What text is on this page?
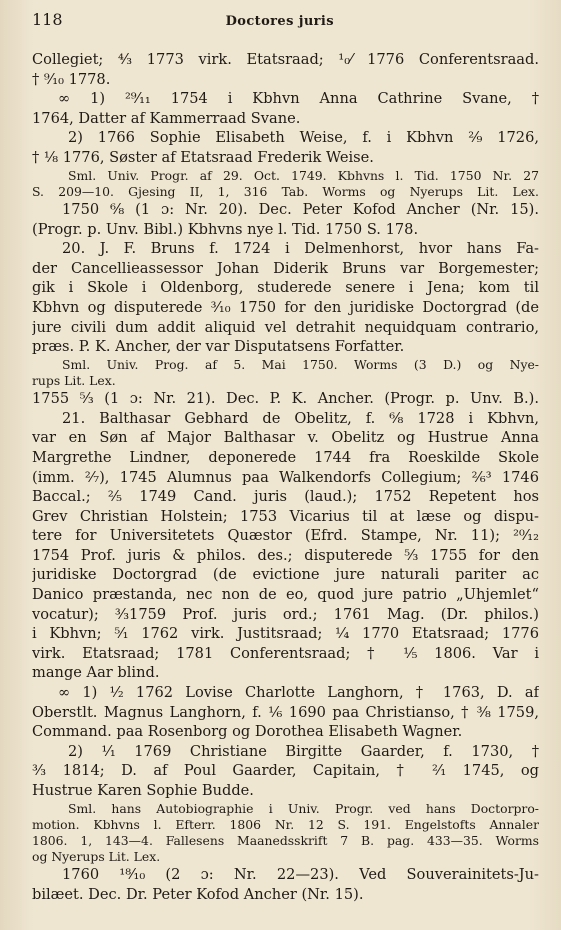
118	Doctores juris
Collegiet; ⁴⁄₃ 1773 virk. Etatsraad; ¹₀⁄ 1776 Conferentsraad.
† ⁹⁄₁₀ 1778.
∞ 1) ²⁹⁄₁₁ 1754 i Kbhvn Anna Cathrine Svane, †
1764, Datter af Kammerraad Svane.
2) 1766 Sophie Elisabeth Weise, f. i Kbhvn ²⁄₉ 1726,
† ¹⁄₈ 1776, Søster af Etatsraad Frederik Weise.
Sml. Univ. Progr. af 29. Oct. 1749. Kbhvns l. Tid. 1750 Nr. 27
S. 209—10. Gjesing II, 1, 316 Tab. Worms og Nyerups Lit. Lex.
1750 ⁶⁄₈ (1 ɔ: Nr. 20). Dec. Peter Kofod Ancher (Nr. 15).
(Progr. p. Unv. Bibl.) Kbhvns nye l. Tid. 1750 S. 178.
20. J. F. Bruns f. 1724 i Delmenhorst, hvor hans Fa-
der Cancellieassessor Johan Diderik Bruns var Borgemester;
gik i Skole i Oldenborg, studerede senere i Jena; kom til
Kbhvn og disputerede ³⁄₁₀ 1750 for den juridiske Doctorgrad (de
jure civili dum addit aliquid vel detrahit nequidquam contrario,
præs. P. K. Ancher, der var Disputatsens Forfatter.
Sml. Univ. Prog. af 5. Mai 1750. Worms (3 D.) og Nye-
rups Lit. Lex.
1755 ⁵⁄₃ (1 ɔ: Nr. 21). Dec. P. K. Ancher. (Progr. p. Unv. B.).
21. Balthasar Gebhard de Obelitz, f. ⁶⁄₈ 1728 i Kbhvn,
var en Søn af Major Balthasar v. Obelitz og Hustrue Anna
Margrethe Lindner, deponerede 1744 fra Roeskilde Skole
(imm. ²⁄₇), 1745 Alumnus paa Walkendorfs Collegium; ²⁄₆³ 1746
Baccal.; ²⁄₅ 1749 Cand. juris (laud.); 1752 Repetent hos
Grev Christian Holstein; 1753 Vicarius til at læse og dispu-
tere for Universitetets Quæstor (Efrd. Stampe, Nr. 11); ²⁰⁄₁₂
1754 Prof. juris & philos. des.; disputerede ⁵⁄₃ 1755 for den
juridiske Doctorgrad (de evictione jure naturali pariter ac
Danico præstanda, nec non de eo, quod jure patrio „Uhjemlet“
vocatur); ³⁄₃1759 Prof. juris ord.; 1761 Mag. (Dr. philos.)
i Kbhvn; ⁵⁄₁ 1762 virk. Justitsraad; ¹⁄₄ 1770 Etatsraad; 1776
virk. Etatsraad; 1781 Conferentsraad; † ¹⁄₅ 1806. Var i
mange Aar blind.
∞ 1) ¹⁄₂ 1762 Lovise Charlotte Langhorn, † 1763, D. af
Oberstlt. Magnus Langhorn, f. ¹⁄₆ 1690 paa Christianso, † ³⁄₈ 1759,
Command. paa Rosenborg og Dorothea Elisabeth Wagner.
2) ¹⁄₁ 1769 Christiane Birgitte Gaarder, f. 1730, †
³⁄₃ 1814; D. af Poul Gaarder, Capitain, † ²⁄₁ 1745, og
Hustrue Karen Sophie Budde.
Sml. hans Autobiographie i Univ. Progr. ved hans Doctorpro-
motion. Kbhvns l. Efterr. 1806 Nr. 12 S. 191. Engelstofts Annaler
1806. 1, 143—4. Fallesens Maanedsskrift 7 B. pag. 433—35. Worms
og Nyerups Lit. Lex.
1760 ¹⁸⁄₁₀ (2 ɔ: Nr. 22—23). Ved Souverainitets-Ju-
bilæet. Dec. Dr. Peter Kofod Ancher (Nr. 15).
